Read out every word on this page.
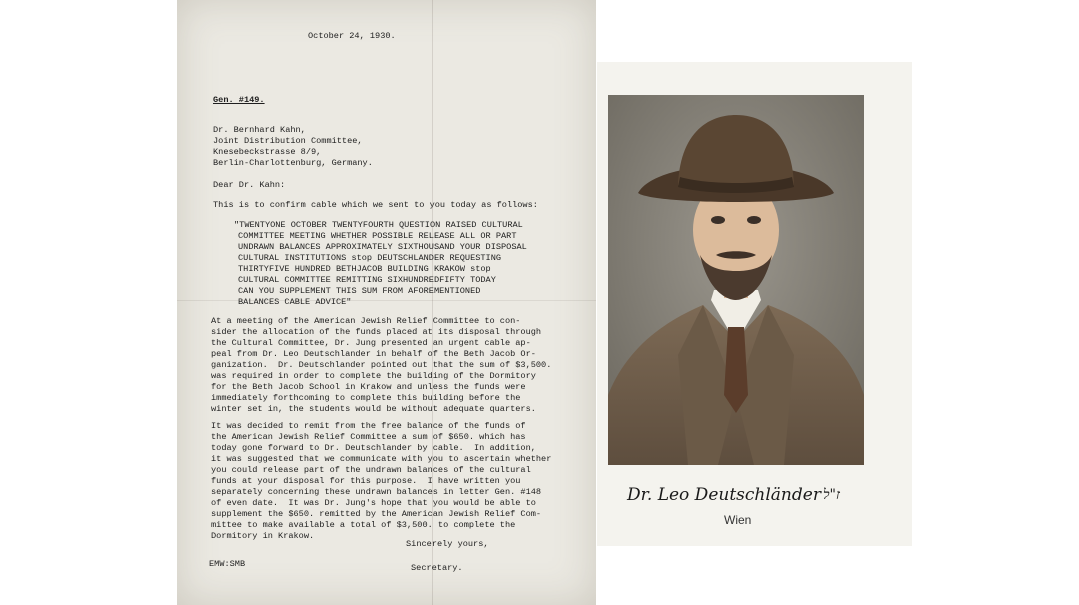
October 24, 1930.
Gen. #149.
Dr. Bernhard Kahn,
Joint Distribution Committee,
Knesebeckstrasse 8/9,
Berlin-Charlottenburg, Germany.
Dear Dr. Kahn:
This is to confirm cable which we sent to you today as follows:
"TWENTYONE OCTOBER TWENTYFOURTH QUESTION RAISED CULTURAL
COMMITTEE MEETING WHETHER POSSIBLE RELEASE ALL OR PART
UNDRAWN BALANCES APPROXIMATELY SIXTHOUSAND YOUR DISPOSAL
CULTURAL INSTITUTIONS stop DEUTSCHLANDER REQUESTING
THIRTYFIVE HUNDRED BETHJACOB BUILDING KRAKOW stop
CULTURAL COMMITTEE REMITTING SIXHUNDREDFIFTY TODAY
CAN YOU SUPPLEMENT THIS SUM FROM AFOREMENTIONED
BALANCES CABLE ADVICE"
At a meeting of the American Jewish Relief Committee to con-
sider the allocation of the funds placed at its disposal through
the Cultural Committee, Dr. Jung presented an urgent cable ap-
peal from Dr. Leo Deutschlander in behalf of the Beth Jacob Or-
ganization.  Dr. Deutschlander pointed out that the sum of $3,500.
was required in order to complete the building of the Dormitory
for the Beth Jacob School in Krakow and unless the funds were
immediately forthcoming to complete this building before the
winter set in, the students would be without adequate quarters.
It was decided to remit from the free balance of the funds of
the American Jewish Relief Committee a sum of $650. which has
today gone forward to Dr. Deutschlander by cable.  In addition,
it was suggested that we communicate with you to ascertain whether
you could release part of the undrawn balances of the cultural
funds at your disposal for this purpose.  I have written you
separately concerning these undrawn balances in letter Gen. #148
of even date.  It was Dr. Jung's hope that you would be able to
supplement the $650. remitted by the American Jewish Relief Com-
mittee to make available a total of $3,500. to complete the
Dormitory in Krakow.
Sincerely yours,
EMW:SMB	Secretary.
Dr. Leo Deutschländer ז"ל
Wien
